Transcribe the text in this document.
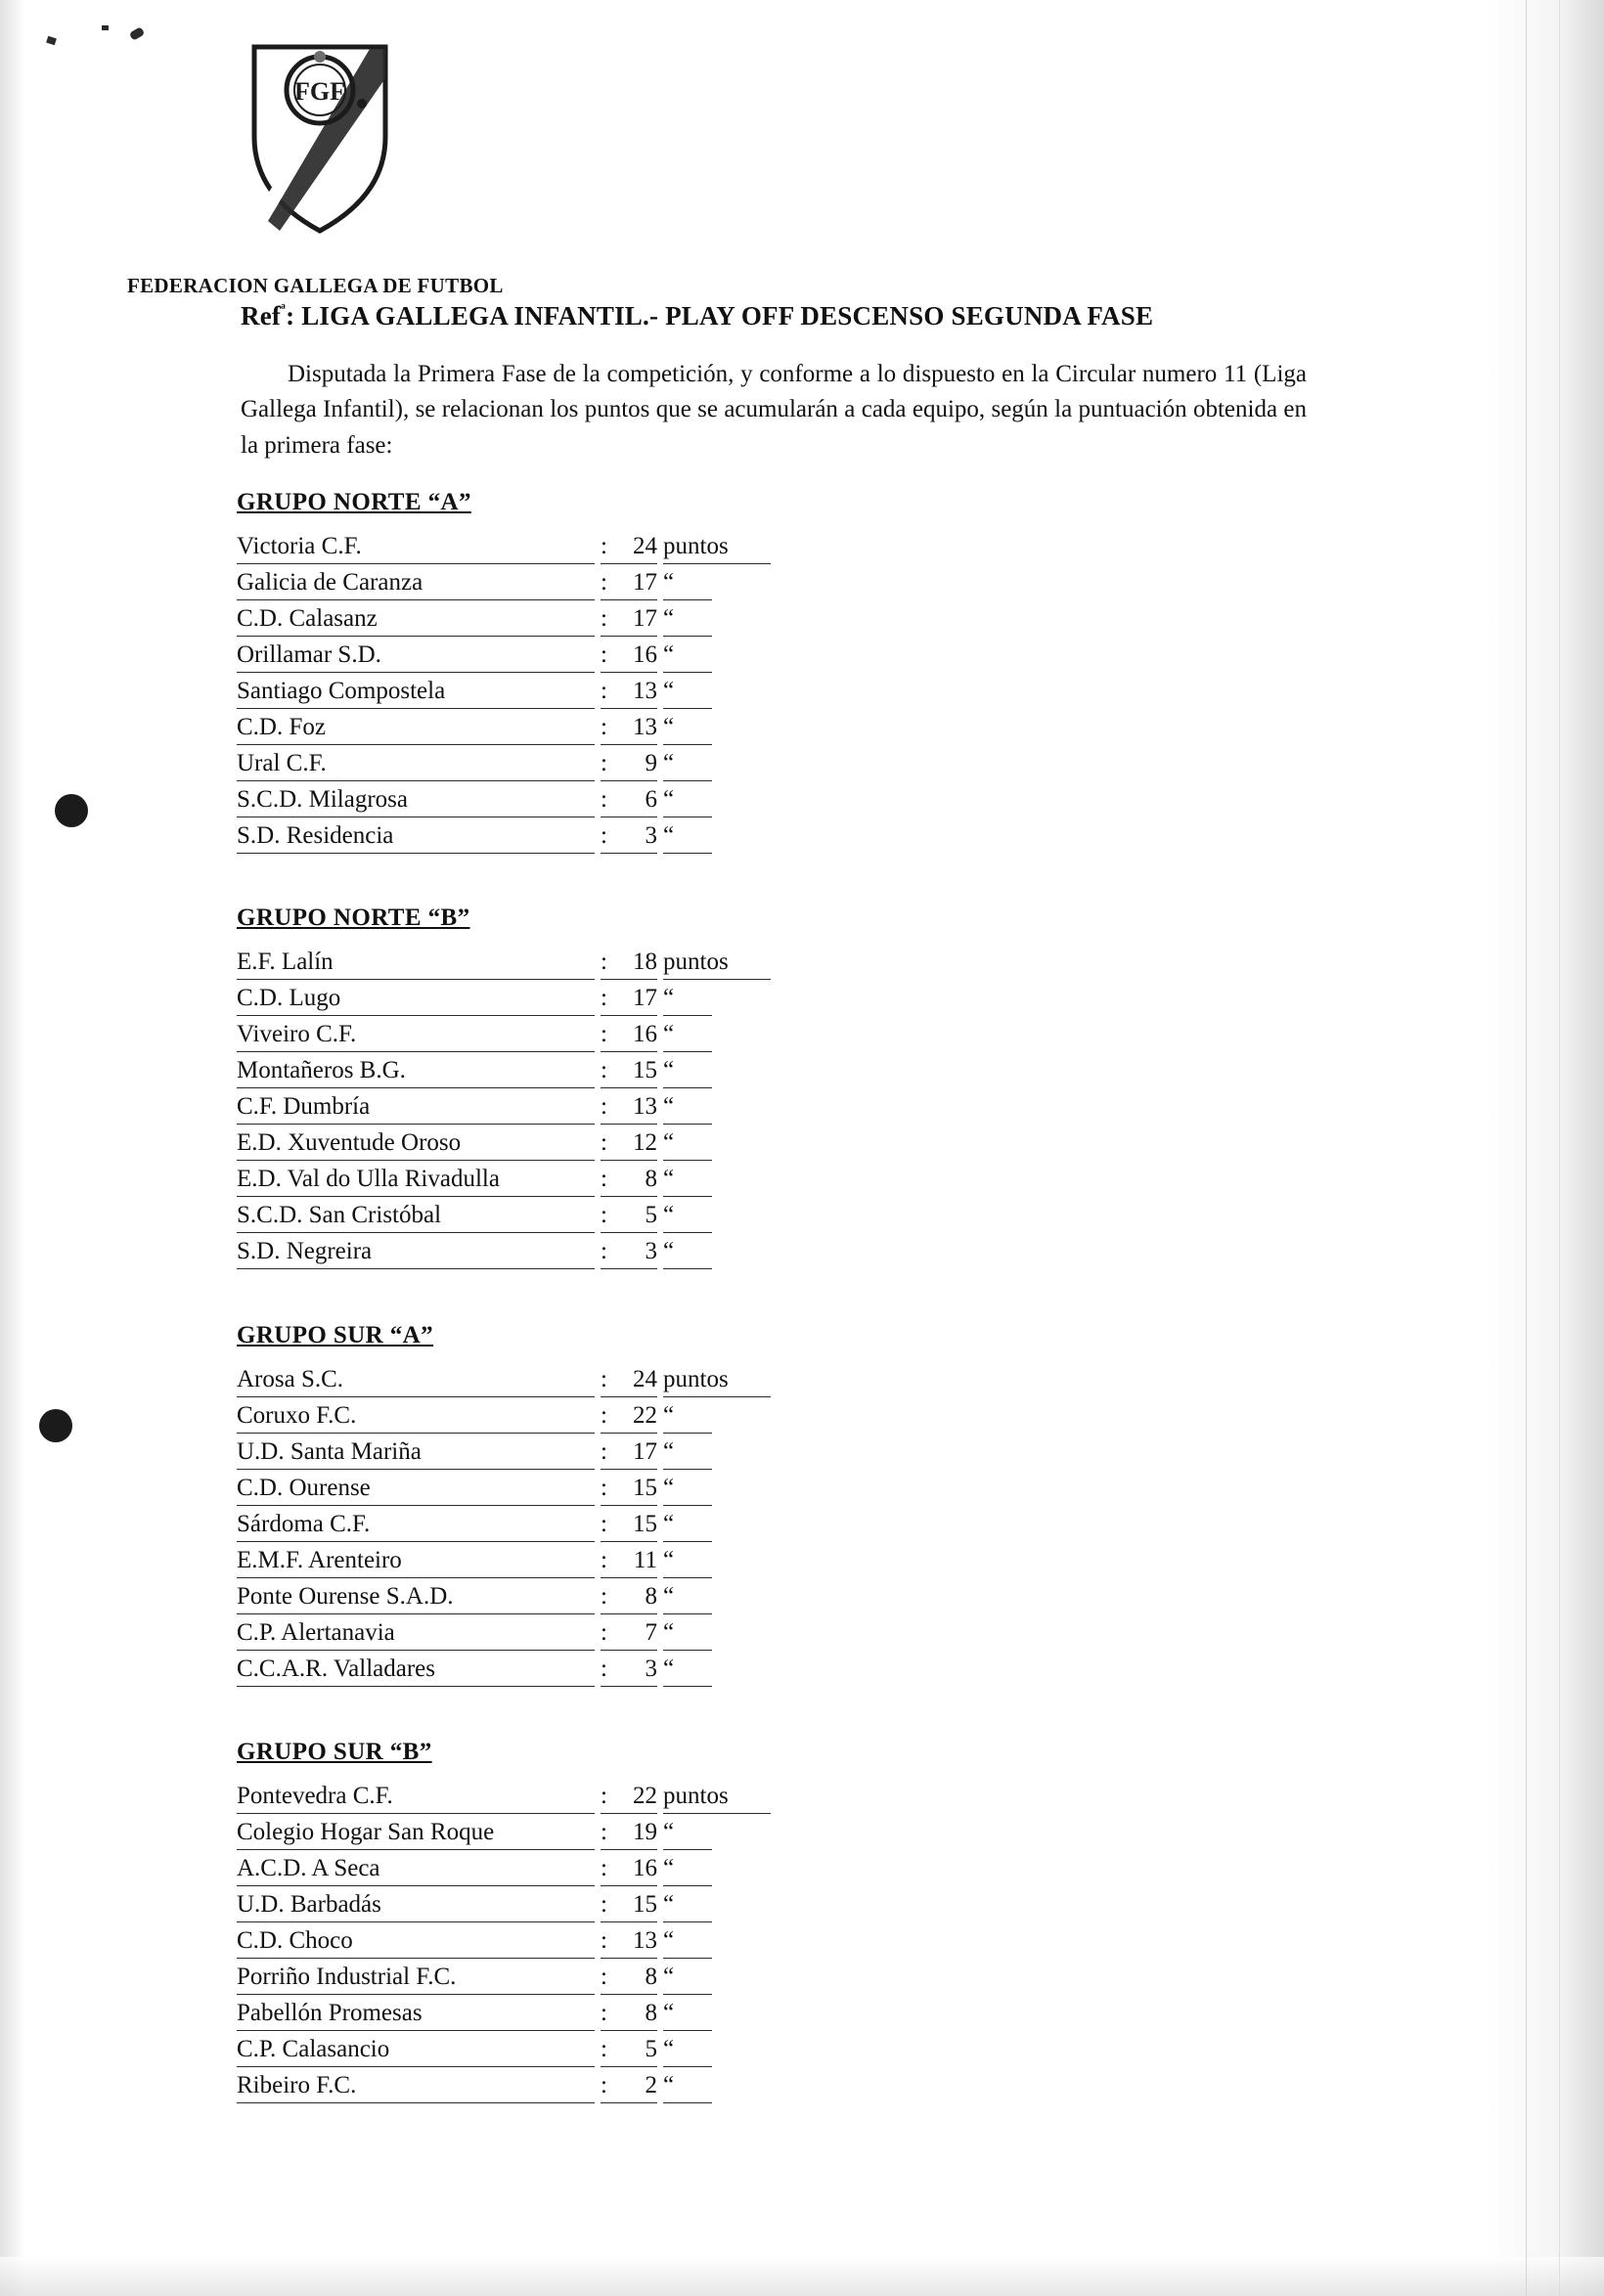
FGF
FEDERACION GALLEGA DE FUTBOL
Ref$^ª$: LIGA GALLEGA INFANTIL.- PLAY OFF DESCENSO SEGUNDA FASE
Disputada la Primera Fase de la competición, y conforme a lo dispuesto en la Circular numero 11 (Liga Gallega Infantil), se relacionan los puntos que se acumularán a cada equipo, según la puntuación obtenida en la primera fase:
GRUPO NORTE “A”
Victoria C.F.	:	24 puntos
Galicia de Caranza	:	17 “
C.D. Calasanz	:	17 “
Orillamar S.D.	:	16 “
Santiago Compostela	:	13 “
C.D. Foz	:	13 “
Ural C.F.	:	9 “
S.C.D. Milagrosa	:	6 “
S.D. Residencia	:	3 “
GRUPO NORTE “B”
E.F. Lalín	:	18 puntos
C.D. Lugo	:	17 “
Viveiro C.F.	:	16 “
Montañeros B.G.	:	15 “
C.F. Dumbría	:	13 “
E.D. Xuventude Oroso	:	12 “
E.D. Val do Ulla Rivadulla	:	8 “
S.C.D. San Cristóbal	:	5 “
S.D. Negreira	:	3 “
GRUPO SUR “A”
Arosa S.C.	:	24 puntos
Coruxo F.C.	:	22 “
U.D. Santa Mariña	:	17 “
C.D. Ourense	:	15 “
Sárdoma C.F.	:	15 “
E.M.F. Arenteiro	:	11 “
Ponte Ourense S.A.D.	:	8 “
C.P. Alertanavia	:	7 “
C.C.A.R. Valladares	:	3 “
GRUPO SUR “B”
Pontevedra C.F.	:	22 puntos
Colegio Hogar San Roque	:	19 “
A.C.D. A Seca	:	16 “
U.D. Barbadás	:	15 “
C.D. Choco	:	13 “
Porriño Industrial F.C.	:	8 “
Pabellón Promesas	:	8 “
C.P. Calasancio	:	5 “
Ribeiro F.C.	:	2 “
